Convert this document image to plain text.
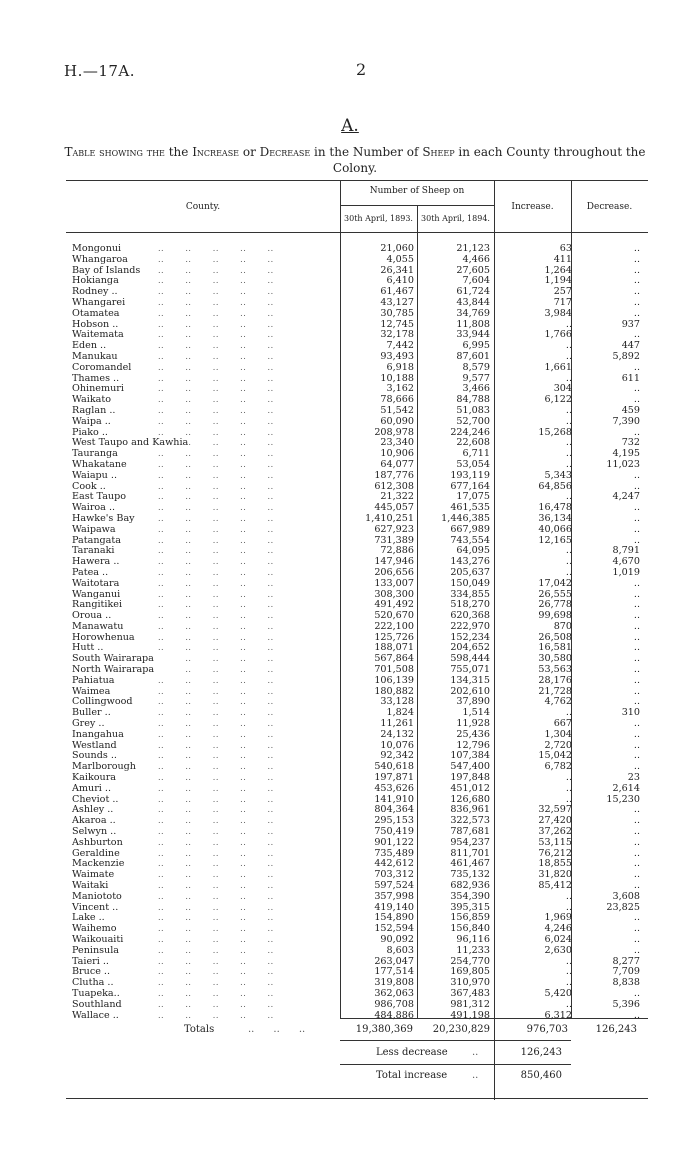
H.—17A.	2
A.
Table showing the the Increase or Decrease in the Number of Sheep in each County throughout the Colony.
County.
Number of Sheep on
30th April, 1893.	30th April, 1894.
Increase.	Decrease.
Mongonui	21,060	21,123	63	..
..       ..       ..       ..       ..
Whangaroa	4,055	4,466	411	..
..       ..       ..       ..       ..
Bay of Islands	26,341	27,605	1,264	..
..       ..       ..       ..       ..
Hokianga	6,410	7,604	1,194	..
..       ..       ..       ..       ..
Rodney ..	61,467	61,724	257	..
..       ..       ..       ..       ..
Whangarei	43,127	43,844	717	..
..       ..       ..       ..       ..
Otamatea	30,785	34,769	3,984	..
..       ..       ..       ..       ..
Hobson ..	12,745	11,808	..	937
..       ..       ..       ..       ..
Waitemata	32,178	33,944	1,766	..
..       ..       ..       ..       ..
Eden ..	7,442	6,995	..	447
..       ..       ..       ..       ..
Manukau	93,493	87,601	..	5,892
..       ..       ..       ..       ..
Coromandel	6,918	8,579	1,661	..
..       ..       ..       ..       ..
Thames ..	10,188	9,577	..	611
..       ..       ..       ..       ..
Ohinemuri	3,162	3,466	304	..
..       ..       ..       ..       ..
Waikato	78,666	84,788	6,122	..
..       ..       ..       ..       ..
Raglan ..	51,542	51,083	..	459
..       ..       ..       ..       ..
Waipa ..	60,090	52,700	..	7,390
..       ..       ..       ..       ..
Piako ..	208,978	224,246	15,268	..
..       ..       ..       ..       ..
West Taupo and Kawhia	23,340	22,608	..	732
..       ..       ..       ..
Tauranga	10,906	6,711	..	4,195
..       ..       ..       ..       ..
Whakatane	64,077	53,054	..	11,023
..       ..       ..       ..       ..
Waiapu ..	187,776	193,119	5,343	..
..       ..       ..       ..       ..
Cook ..	612,308	677,164	64,856	..
..       ..       ..       ..       ..
East Taupo	21,322	17,075	..	4,247
..       ..       ..       ..       ..
Wairoa ..	445,057	461,535	16,478	..
..       ..       ..       ..       ..
Hawke's Bay	1,410,251	1,446,385	36,134	..
..       ..       ..       ..       ..
Waipawa	627,923	667,989	40,066	..
..       ..       ..       ..       ..
Patangata	731,389	743,554	12,165	..
..       ..       ..       ..       ..
Taranaki	72,886	64,095	..	8,791
..       ..       ..       ..       ..
Hawera ..	147,946	143,276	..	4,670
..       ..       ..       ..       ..
Patea ..	206,656	205,637	..	1,019
..       ..       ..       ..       ..
Waitotara	133,007	150,049	17,042	..
..       ..       ..       ..       ..
Wanganui	308,300	334,855	26,555	..
..       ..       ..       ..       ..
Rangitikei	491,492	518,270	26,778	..
..       ..       ..       ..       ..
Oroua ..	520,670	620,368	99,698	..
..       ..       ..       ..       ..
Manawatu	222,100	222,970	870	..
..       ..       ..       ..       ..
Horowhenua	125,726	152,234	26,508	..
..       ..       ..       ..       ..
Hutt ..	188,071	204,652	16,581	..
..       ..       ..       ..       ..
South Wairarapa	567,864	598,444	30,580	..
..       ..       ..       ..
North Wairarapa	701,508	755,071	53,563	..
..       ..       ..       ..
Pahiatua	106,139	134,315	28,176	..
..       ..       ..       ..       ..
Waimea	180,882	202,610	21,728	..
..       ..       ..       ..       ..
Collingwood	33,128	37,890	4,762	..
..       ..       ..       ..       ..
Buller ..	1,824	1,514	..	310
..       ..       ..       ..       ..
Grey ..	11,261	11,928	667	..
..       ..       ..       ..       ..
Inangahua	24,132	25,436	1,304	..
..       ..       ..       ..       ..
Westland	10,076	12,796	2,720	..
..       ..       ..       ..       ..
Sounds ..	92,342	107,384	15,042	..
..       ..       ..       ..       ..
Marlborough	540,618	547,400	6,782	..
..       ..       ..       ..       ..
Kaikoura	197,871	197,848	..	23
..       ..       ..       ..       ..
Amuri ..	453,626	451,012	..	2,614
..       ..       ..       ..       ..
Cheviot ..	141,910	126,680	..	15,230
..       ..       ..       ..       ..
Ashley ..	804,364	836,961	32,597	..
..       ..       ..       ..       ..
Akaroa ..	295,153	322,573	27,420	..
..       ..       ..       ..       ..
Selwyn ..	750,419	787,681	37,262	..
..       ..       ..       ..       ..
Ashburton	901,122	954,237	53,115	..
..       ..       ..       ..       ..
Geraldine	735,489	811,701	76,212	..
..       ..       ..       ..       ..
Mackenzie	442,612	461,467	18,855	..
..       ..       ..       ..       ..
Waimate	703,312	735,132	31,820	..
..       ..       ..       ..       ..
Waitaki	597,524	682,936	85,412	..
..       ..       ..       ..       ..
Maniototo	357,998	354,390	..	3,608
..       ..       ..       ..       ..
Vincent ..	419,140	395,315	..	23,825
..       ..       ..       ..       ..
Lake ..	154,890	156,859	1,969	..
..       ..       ..       ..       ..
Waihemo	152,594	156,840	4,246	..
..       ..       ..       ..       ..
Waikouaiti	90,092	96,116	6,024	..
..       ..       ..       ..       ..
Peninsula	8,603	11,233	2,630	..
..       ..       ..       ..       ..
Taieri ..	263,047	254,770	..	8,277
..       ..       ..       ..       ..
Bruce ..	177,514	169,805	..	7,709
..       ..       ..       ..       ..
Clutha ..	319,808	310,970	..	8,838
..       ..       ..       ..       ..
Tuapeka..	362,063	367,483	5,420	..
..       ..       ..       ..       ..
Southland	986,708	981,312	..	5,396
..       ..       ..       ..       ..
Wallace ..	484,886	491,198	6,312	..
..       ..       ..       ..       ..
Totals	..      ..      ..	19,380,369 20,230,829	976,703	126,243
Less decrease ..	126,243
Total increase ..	850,460
